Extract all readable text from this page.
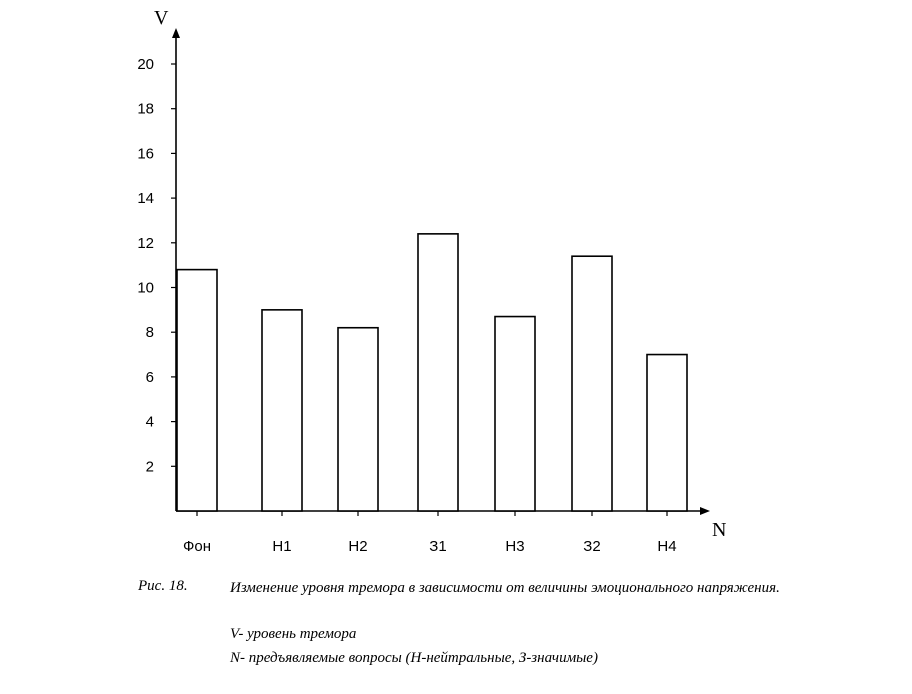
2
4
6
8
10
12
14
16
18
20
Фон	Н1	Н2	З1	Н3	З2	Н4
V
N
Рис. 18.	Изменение уровня тремора в зависимости от величины эмоционального напряжения.
V- уровень тремора
N- предъявляемые вопросы (Н-нейтральные, З-значимые)
